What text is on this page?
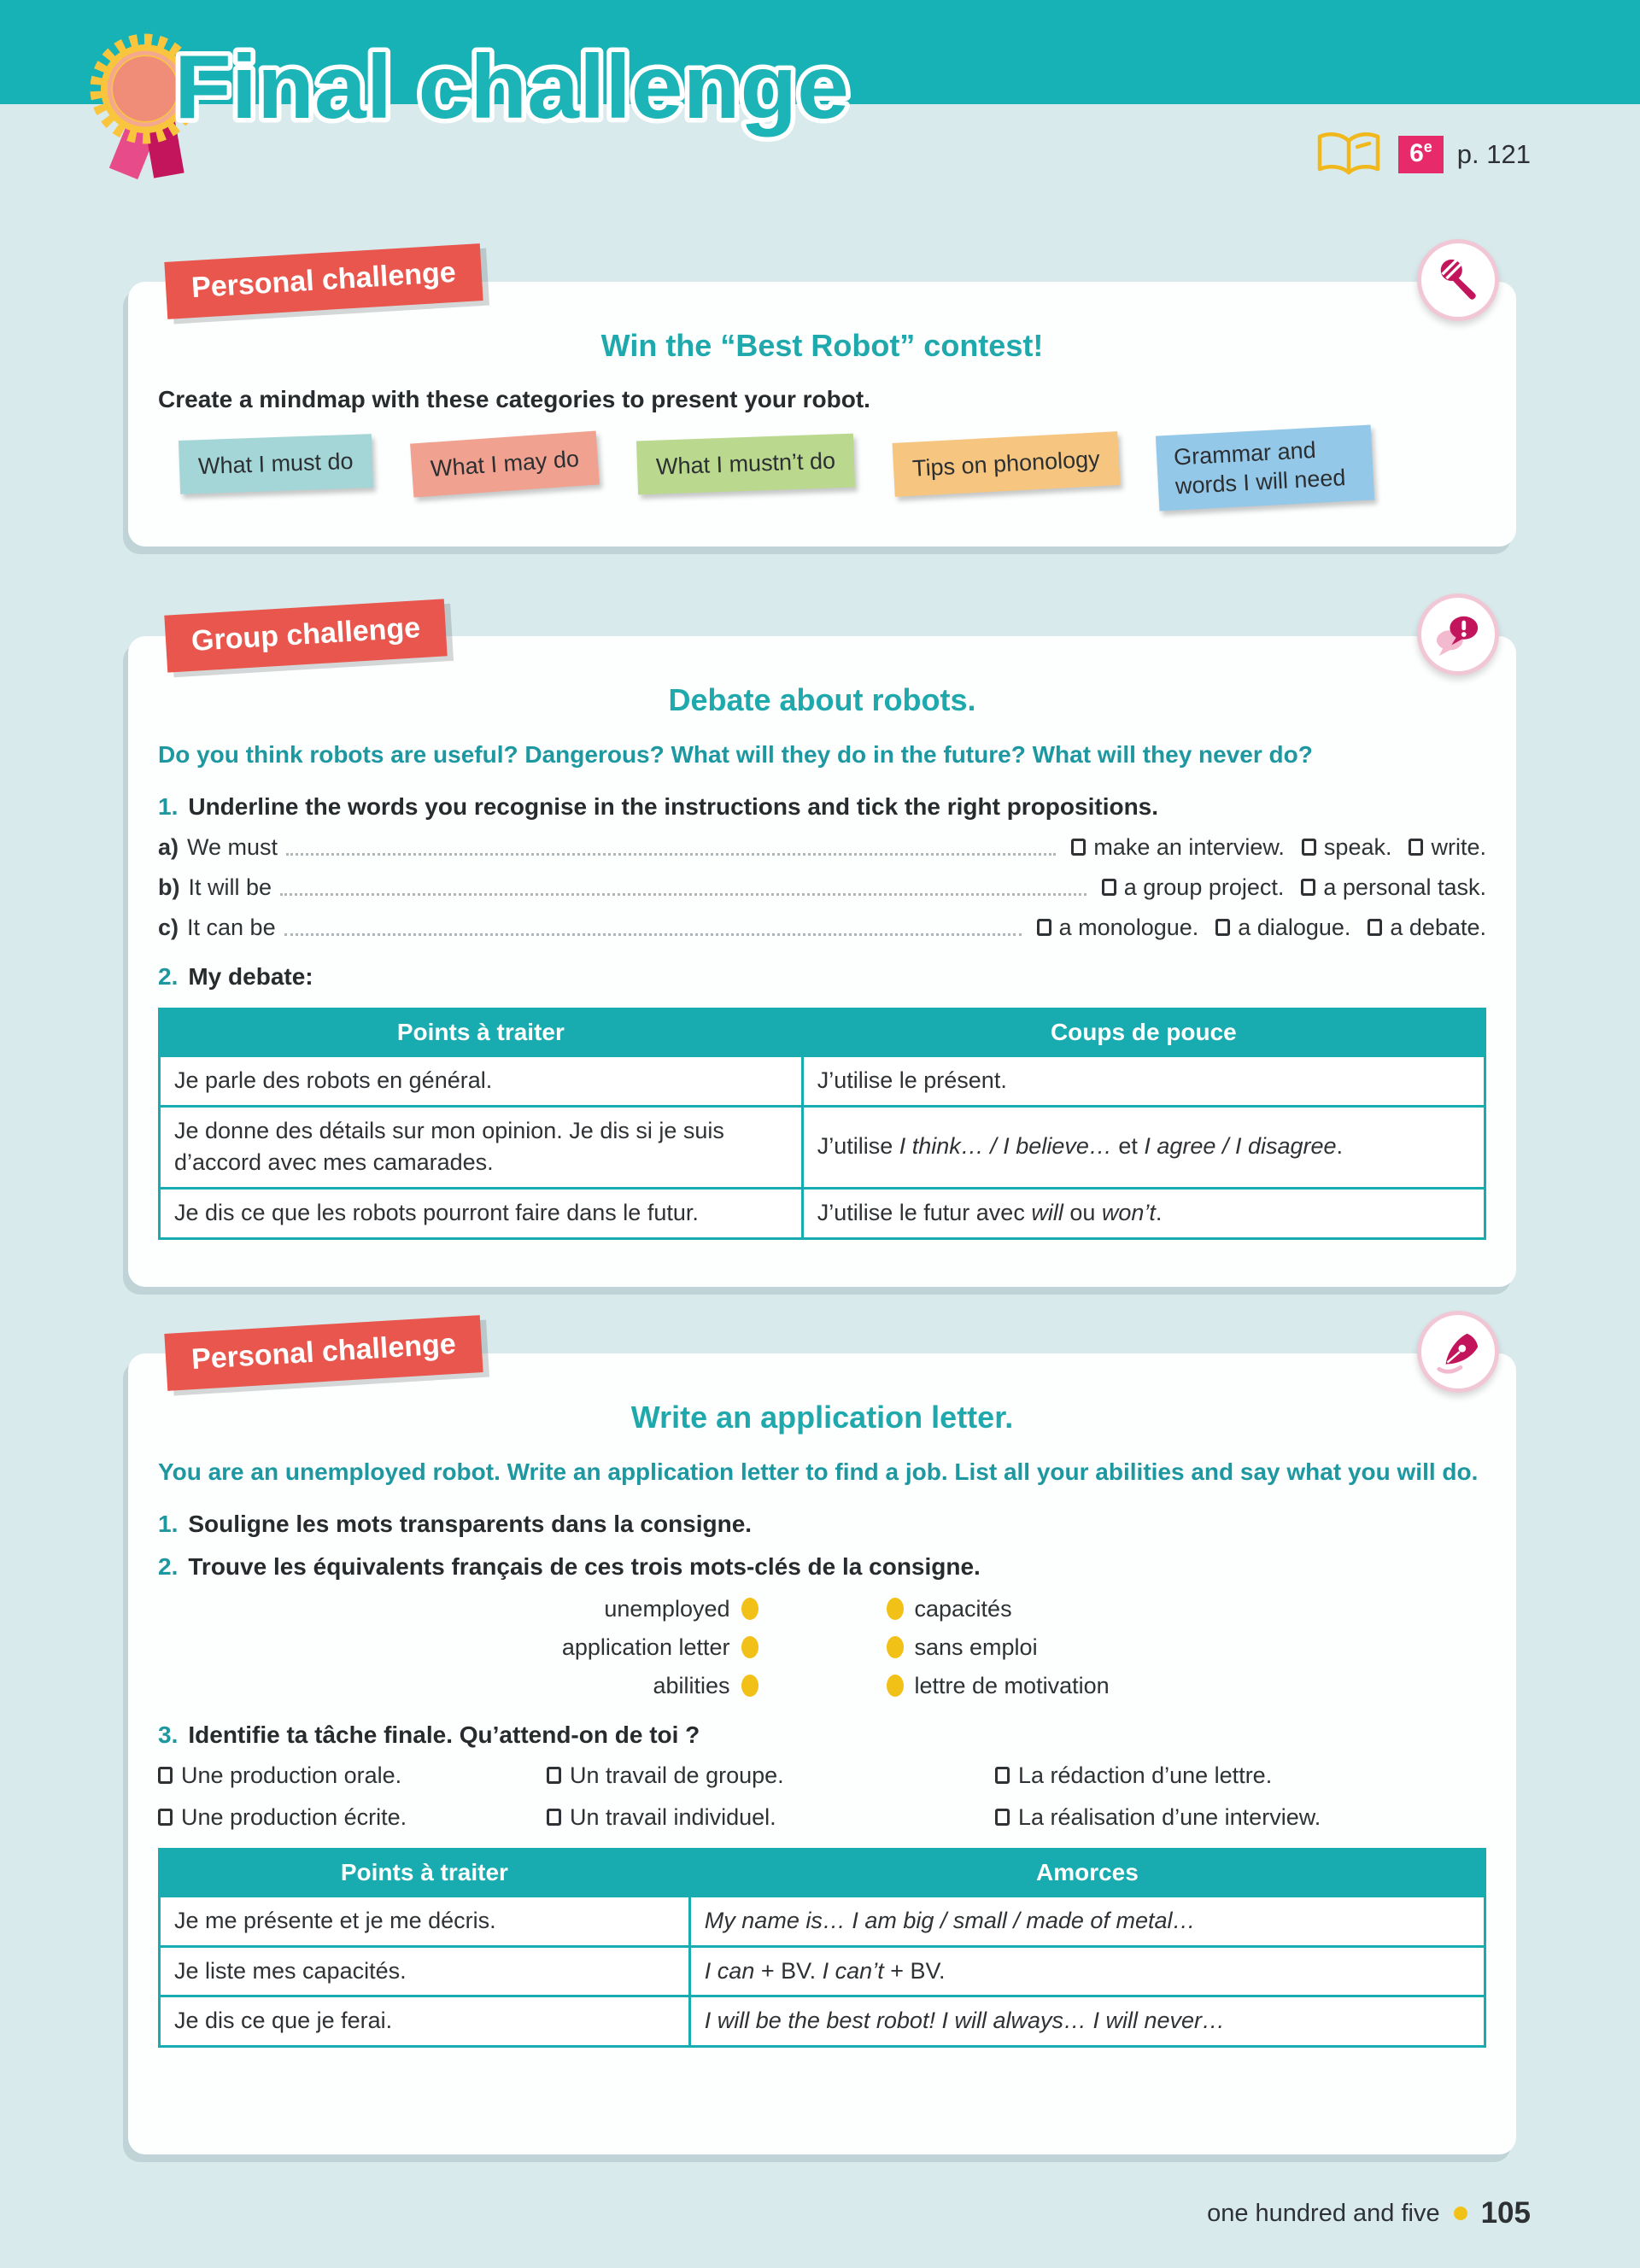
Final challenge
6e p. 121
Personal challenge
Win the “Best Robot” contest!

Create a mindmap with these categories to present your robot.

What I must do	What I may do	What I mustn’t do	Tips on phonology	Grammar and words I will need
Group challenge
Debate about robots.

Do you think robots are useful? Dangerous? What will they do in the future? What will they never do?

1. Underline the words you recognise in the instructions and tick the right propositions.

a) We must	make an interview. speak. write.
b) It will be	a group project. a personal task.
c) It can be	a monologue. a dialogue. a debate.

2. My debate:

Points à traiter	Coups de pouce
Je parle des robots en général.	J’utilise le présent.
Je donne des détails sur mon opinion. Je dis si je suis d’accord avec mes camarades.	J’utilise I think… / I believe… et I agree / I disagree.
Je dis ce que les robots pourront faire dans le futur.	J’utilise le futur avec will ou won’t.
Personal challenge
Write an application letter.

You are an unemployed robot. Write an application letter to find a job. List all your abilities and say what you will do.

1. Souligne les mots transparents dans la consigne.

2. Trouve les équivalents français de ces trois mots-clés de la consigne.

unemployed	capacités
application letter	sans emploi
abilities	lettre de motivation

3. Identifie ta tâche finale. Qu’attend-on de toi ?

Une production orale.	Un travail de groupe.	La rédaction d’une lettre.
Une production écrite.	Un travail individuel.	La réalisation d’une interview.
Points à traiter	Amorces
Je me présente et je me décris.	My name is… I am big / small / made of metal…
Je liste mes capacités.	I can + BV. I can’t + BV.
Je dis ce que je ferai.	I will be the best robot! I will always… I will never…
one hundred and five 105
